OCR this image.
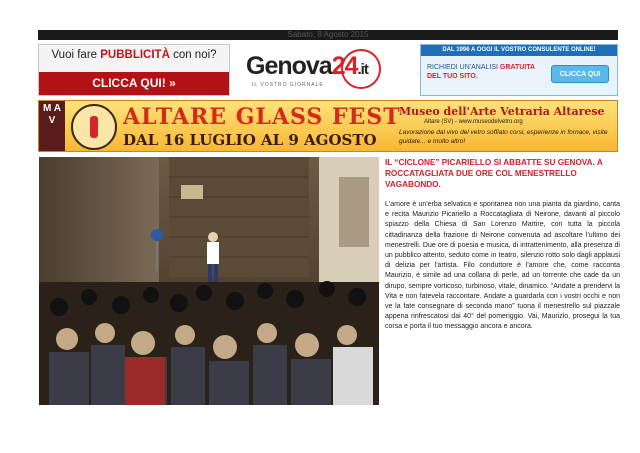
Sabato, 8 Agosto 2015
Vuoi fare PUBBLICITÀ con noi?
CLICCA QUI! »
Genova24.it
IL VOSTRO GIORNALE
DAL 1996 A OGGI IL VOSTRO CONSULENTE ONLINE!
RICHIEDI UN'ANALISI GRATUITA DEL TUO SITO.	CLICCA QUI
M A V	ALTARE GLASS FEST
DAL 16 LUGLIO AL 9 AGOSTO
Museo dell'Arte Vetraria Altarese
Altare (SV) - www.museodelvetro.org
Lavorazione dal vivo del vetro soffiato corsi, esperienze in fornace, visite guidate... e molto altro!
IL “CICLONE” PICARIELLO SI ABBATTE SU GENOVA. A ROCCATAGLIATA DUE ORE COL MENESTRELLO VAGABONDO.
L'amore è un'erba selvatica e spontanea non una pianta da giardino, canta e recita Maurizio Picariello a Roccatagliata di Neirone, davanti al piccolo spiazzo della Chiesa di San Lorenzo Martire, con tutta la piccola cittadinanza della frazione di Neirone convenuta ad ascoltare l'ultimo dei menestrelli. Due ore di poesia e musica, di intrattenimento, alla presenza di un pubblico attento, seduto come in teatro, silenzio rotto solo dagli applausi di delizia per l'artista. Filo conduttore è l'amore che, come racconta Maurizio, è simile ad una collana di perle, ad un torrente che cade da un dirupo, sempre vorticoso, turbinoso, vitale, dinamico. “Andate a prendervi la Vita e non fatevela raccontare. Andate a guardarla con i vostri occhi e non ve la fate consegnare di seconda mano” tuona il menestrello sul piazzale appena rinfrescatosi dai 40° del pomeriggio. Vai, Maurizio, prosegui la tua corsa e porta il tuo messaggio ancora e ancora.
